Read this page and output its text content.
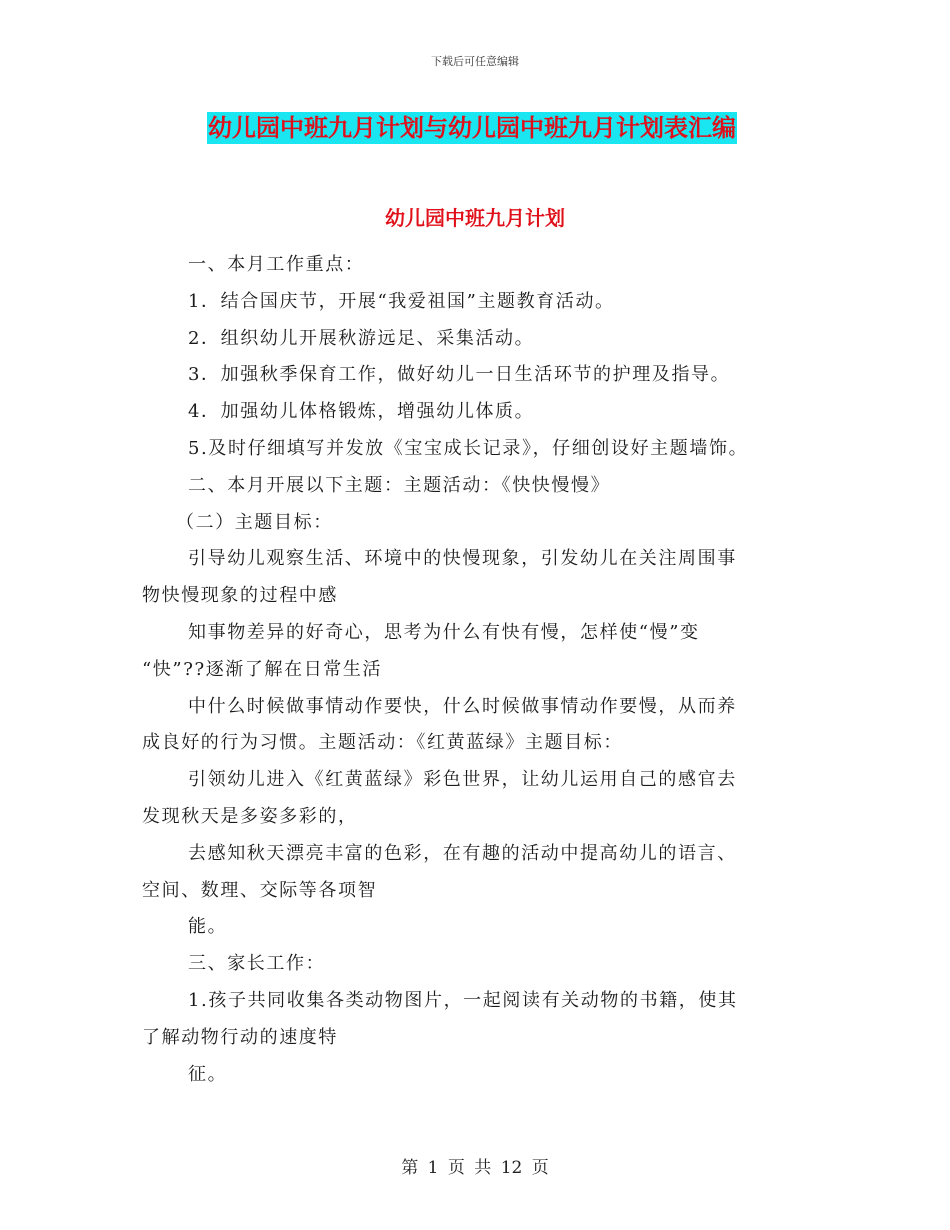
下载后可任意编辑
幼儿园中班九月计划与幼儿园中班九月计划表汇编
幼儿园中班九月计划
一、本月工作重点：
1．结合国庆节，开展“我爱祖国”主题教育活动。
2．组织幼儿开展秋游远足、采集活动。
3．加强秋季保育工作，做好幼儿一日生活环节的护理及指导。
4．加强幼儿体格锻炼，增强幼儿体质。
5.及时仔细填写并发放《宝宝成长记录》，仔细创设好主题墙饰。
二、本月开展以下主题：主题活动：《快快慢慢》
（二）主题目标：
引导幼儿观察生活、环境中的快慢现象，引发幼儿在关注周围事
物快慢现象的过程中感
知事物差异的好奇心，思考为什么有快有慢，怎样使“慢”变
“快”??逐渐了解在日常生活
中什么时候做事情动作要快，什么时候做事情动作要慢，从而养
成良好的行为习惯。主题活动：《红黄蓝绿》主题目标：
引领幼儿进入《红黄蓝绿》彩色世界，让幼儿运用自己的感官去
发现秋天是多姿多彩的，
去感知秋天漂亮丰富的色彩，在有趣的活动中提高幼儿的语言、
空间、数理、交际等各项智
能。
三、家长工作：
1.孩子共同收集各类动物图片，一起阅读有关动物的书籍，使其
了解动物行动的速度特
征。
第 1 页 共 12 页
